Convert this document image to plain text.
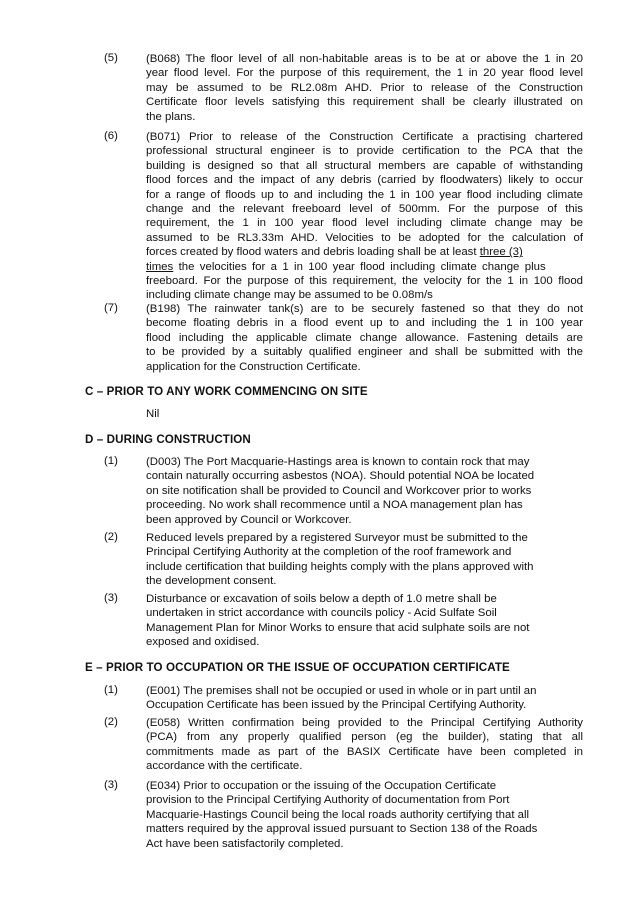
(5) (B068) The floor level of all non-habitable areas is to be at or above the 1 in 20
year flood level. For the purpose of this requirement, the 1 in 20 year flood level
may be assumed to be RL2.08m AHD. Prior to release of the Construction
Certificate floor levels satisfying this requirement shall be clearly illustrated on
the plans.
(6) (B071) Prior to release of the Construction Certificate a practising chartered
professional structural engineer is to provide certification to the PCA that the
building is designed so that all structural members are capable of withstanding
flood forces and the impact of any debris (carried by floodwaters) likely to occur
for a range of floods up to and including the 1 in 100 year flood including climate
change and the relevant freeboard level of 500mm. For the purpose of this
requirement, the 1 in 100 year flood level including climate change may be
assumed to be RL3.33m AHD. Velocities to be adopted for the calculation of
forces created by flood waters and debris loading shall be at least three (3)
times the velocities for a 1 in 100 year flood including climate change plus
freeboard. For the purpose of this requirement, the velocity for the 1 in 100 flood
including climate change may be assumed to be 0.08m/s
(7) (B198) The rainwater tank(s) are to be securely fastened so that they do not
become floating debris in a flood event up to and including the 1 in 100 year
flood including the applicable climate change allowance. Fastening details are
to be provided by a suitably qualified engineer and shall be submitted with the
application for the Construction Certificate.
C – PRIOR TO ANY WORK COMMENCING ON SITE
Nil
D – DURING CONSTRUCTION
(1) (D003) The Port Macquarie-Hastings area is known to contain rock that may
contain naturally occurring asbestos (NOA). Should potential NOA be located
on site notification shall be provided to Council and Workcover prior to works
proceeding. No work shall recommence until a NOA management plan has
been approved by Council or Workcover.
(2) Reduced levels prepared by a registered Surveyor must be submitted to the
Principal Certifying Authority at the completion of the roof framework and
include certification that building heights comply with the plans approved with
the development consent.
(3) Disturbance or excavation of soils below a depth of 1.0 metre shall be
undertaken in strict accordance with councils policy - Acid Sulfate Soil
Management Plan for Minor Works to ensure that acid sulphate soils are not
exposed and oxidised.
E – PRIOR TO OCCUPATION OR THE ISSUE OF OCCUPATION CERTIFICATE
(1) (E001) The premises shall not be occupied or used in whole or in part until an
Occupation Certificate has been issued by the Principal Certifying Authority.
(2) (E058) Written confirmation being provided to the Principal Certifying Authority
(PCA) from any properly qualified person (eg the builder), stating that all
commitments made as part of the BASIX Certificate have been completed in
accordance with the certificate.
(3) (E034) Prior to occupation or the issuing of the Occupation Certificate
provision to the Principal Certifying Authority of documentation from Port
Macquarie-Hastings Council being the local roads authority certifying that all
matters required by the approval issued pursuant to Section 138 of the Roads
Act have been satisfactorily completed.
